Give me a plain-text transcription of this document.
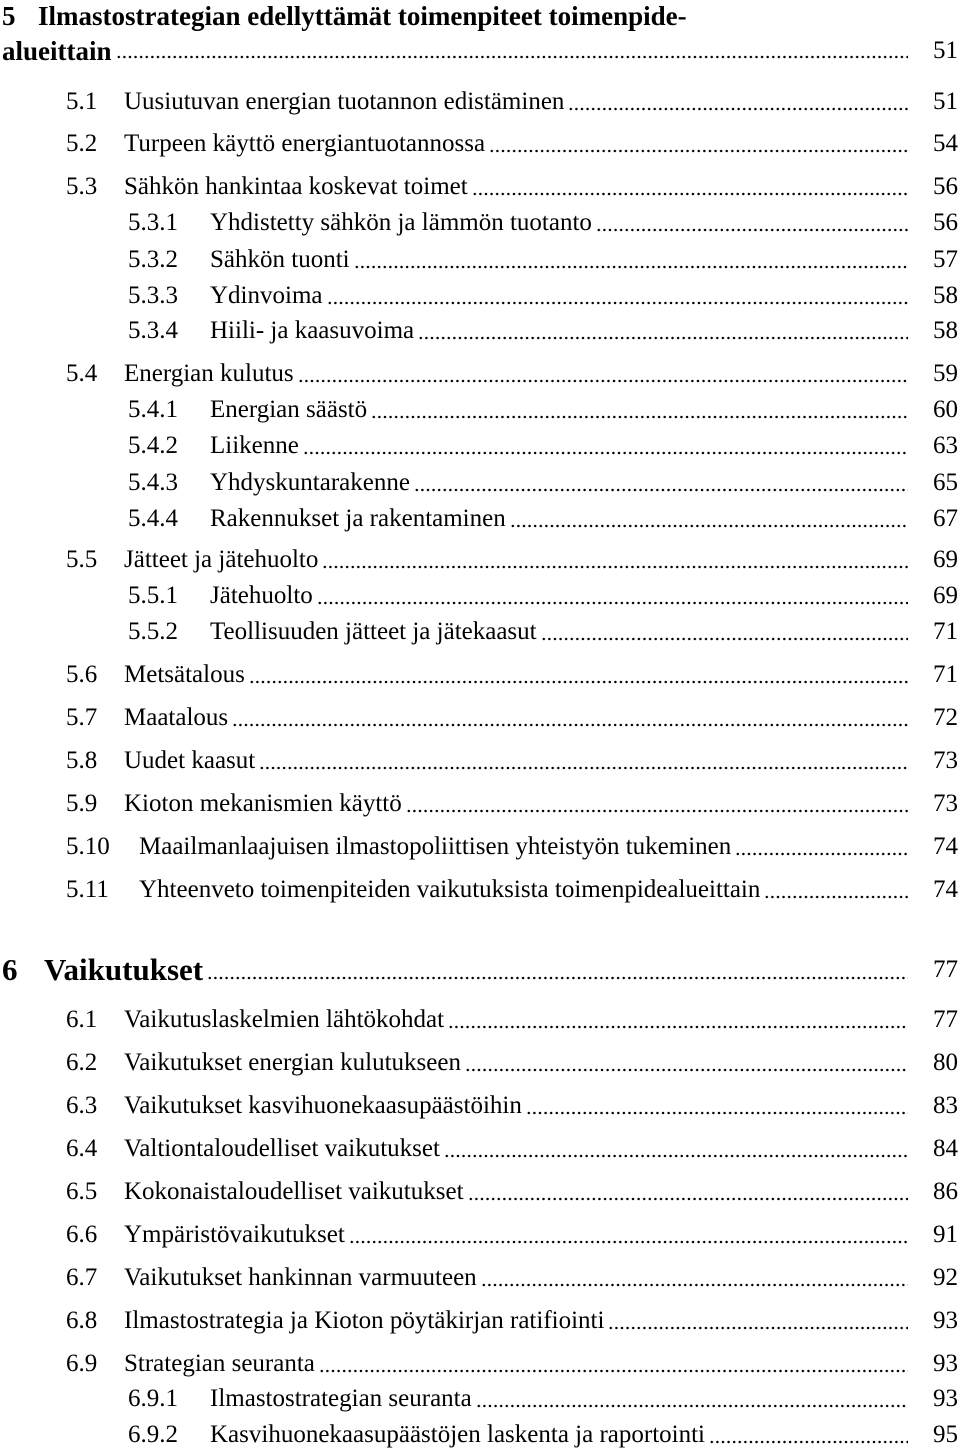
5 Ilmastostrategian edellyttämät toimenpiteet toimenpide-
alueittain	51
5.1 Uusiutuvan energian tuotannon edistäminen	51
5.2 Turpeen käyttö energiantuotannossa	54
5.3 Sähkön hankintaa koskevat toimet	56
5.3.1 Yhdistetty sähkön ja lämmön tuotanto	56
5.3.2 Sähkön tuonti	57
5.3.3 Ydinvoima	58
5.3.4 Hiili- ja kaasuvoima	58
5.4 Energian kulutus	59
5.4.1 Energian säästö	60
5.4.2 Liikenne	63
5.4.3 Yhdyskuntarakenne	65
5.4.4 Rakennukset ja rakentaminen	67
5.5 Jätteet ja jätehuolto	69
5.5.1 Jätehuolto	69
5.5.2 Teollisuuden jätteet ja jätekaasut	71
5.6 Metsätalous	71
5.7 Maatalous	72
5.8 Uudet kaasut	73
5.9 Kioton mekanismien käyttö	73
5.10 Maailmanlaajuisen ilmastopoliittisen yhteistyön tukeminen	74
5.11 Yhteenveto toimenpiteiden vaikutuksista toimenpidealueittain	74
6 Vaikutukset	77
6.1 Vaikutuslaskelmien lähtökohdat	77
6.2 Vaikutukset energian kulutukseen	80
6.3 Vaikutukset kasvihuonekaasupäästöihin	83
6.4 Valtiontaloudelliset vaikutukset	84
6.5 Kokonaistaloudelliset vaikutukset	86
6.6 Ympäristövaikutukset	91
6.7 Vaikutukset hankinnan varmuuteen	92
6.8 Ilmastostrategia ja Kioton pöytäkirjan ratifiointi	93
6.9 Strategian seuranta	93
6.9.1 Ilmastostrategian seuranta	93
6.9.2 Kasvihuonekaasupäästöjen laskenta ja raportointi	95
